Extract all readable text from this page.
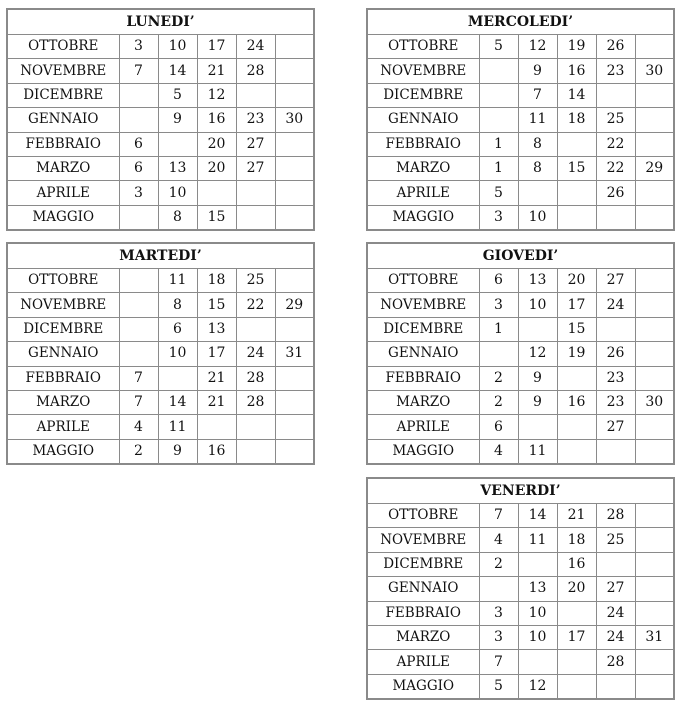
LUNEDI’					
OTTOBRE	3	10	17	24	
NOVEMBRE	7	14	21	28	
DICEMBRE		5	12		
GENNAIO		9	16	23	30
FEBBRAIO	6		20	27	
MARZO	6	13	20	27	
APRILE	3	10			
MAGGIO		8	15		
MARTEDI’					
OTTOBRE		11	18	25	
NOVEMBRE		8	15	22	29
DICEMBRE		6	13		
GENNAIO		10	17	24	31
FEBBRAIO	7		21	28	
MARZO	7	14	21	28	
APRILE	4	11			
MAGGIO	2	9	16		
MERCOLEDI’					
OTTOBRE	5	12	19	26	
NOVEMBRE		9	16	23	30
DICEMBRE		7	14		
GENNAIO		11	18	25	
FEBBRAIO	1	8		22	
MARZO	1	8	15	22	29
APRILE	5			26	
MAGGIO	3	10			
GIOVEDI’					
OTTOBRE	6	13	20	27	
NOVEMBRE	3	10	17	24	
DICEMBRE	1		15		
GENNAIO		12	19	26	
FEBBRAIO	2	9		23	
MARZO	2	9	16	23	30
APRILE	6			27	
MAGGIO	4	11			
VENERDI’					
OTTOBRE	7	14	21	28	
NOVEMBRE	4	11	18	25	
DICEMBRE	2		16		
GENNAIO		13	20	27	
FEBBRAIO	3	10		24	
MARZO	3	10	17	24	31
APRILE	7			28	
MAGGIO	5	12			
